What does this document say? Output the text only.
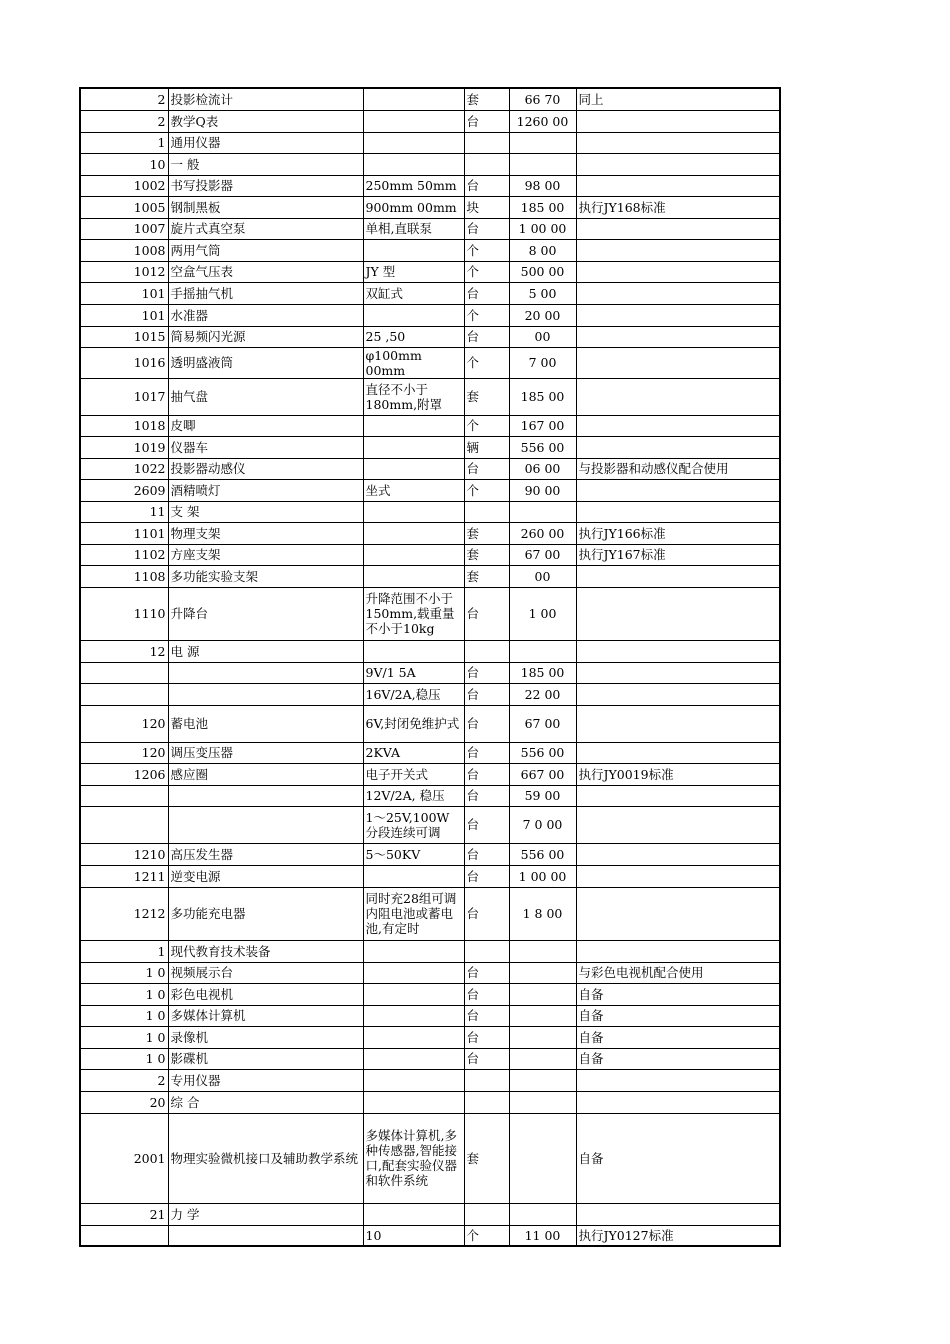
2	投影检流计		套	66 70	同上
2	教学Q表		台	1260 00	
1	通用仪器				
10	一 般				
1002	书写投影器	250mm 50mm	台	98 00	
1005	钢制黑板	900mm 00mm	块	185 00	执行JY168标准
1007	旋片式真空泵	单相,直联泵	台	1 00 00	
1008	两用气筒		个	8 00	
1012	空盒气压表	JY 型	个	500 00	
101	手摇抽气机	双缸式	台	5 00	
101	水准器		个	20 00	
1015	简易频闪光源	25 ,50	台	00	
1016	透明盛液筒	φ100mm 00mm	个	7 00	
1017	抽气盘	直径不小于180mm,附罩	套	185 00	
1018	皮唧		个	167 00	
1019	仪器车		辆	556 00	
1022	投影器动感仪		台	06 00	与投影器和动感仪配合使用
2609	酒精喷灯	坐式	个	90 00	
11	支 架				
1101	物理支架		套	260 00	执行JY166标准
1102	方座支架		套	67 00	执行JY167标准
1108	多功能实验支架		套	00	
1110	升降台	升降范围不小于150mm,载重量不小于10kg	台	1 00	
12	电 源				
		9V/1 5A	台	185 00	
		16V/2A,稳压	台	22 00	
120	蓄电池	6V,封闭免维护式	台	67 00	
120	调压变压器	2KVA	台	556 00	
1206	感应圈	电子开关式	台	667 00	执行JY0019标准
		12V/2A, 稳压	台	59 00	
		1～25V,100W分段连续可调	台	7 0 00	
1210	高压发生器	5～50KV	台	556 00	
1211	逆变电源		台	1 00 00	
1212	多功能充电器	同时充28组可调内阻电池或蓄电池,有定时	台	1 8 00	
1	现代教育技术装备				
1 0	视频展示台		台		与彩色电视机配合使用
1 0	彩色电视机		台		自备
1 0	多媒体计算机		台		自备
1 0	录像机		台		自备
1 0	影碟机		台		自备
2	专用仪器				
20	综 合				
2001	物理实验微机接口及辅助教学系统	多媒体计算机,多种传感器,智能接口,配套实验仪器和软件系统	套		自备
21	力 学				
		10	个	11 00	执行JY0127标准
